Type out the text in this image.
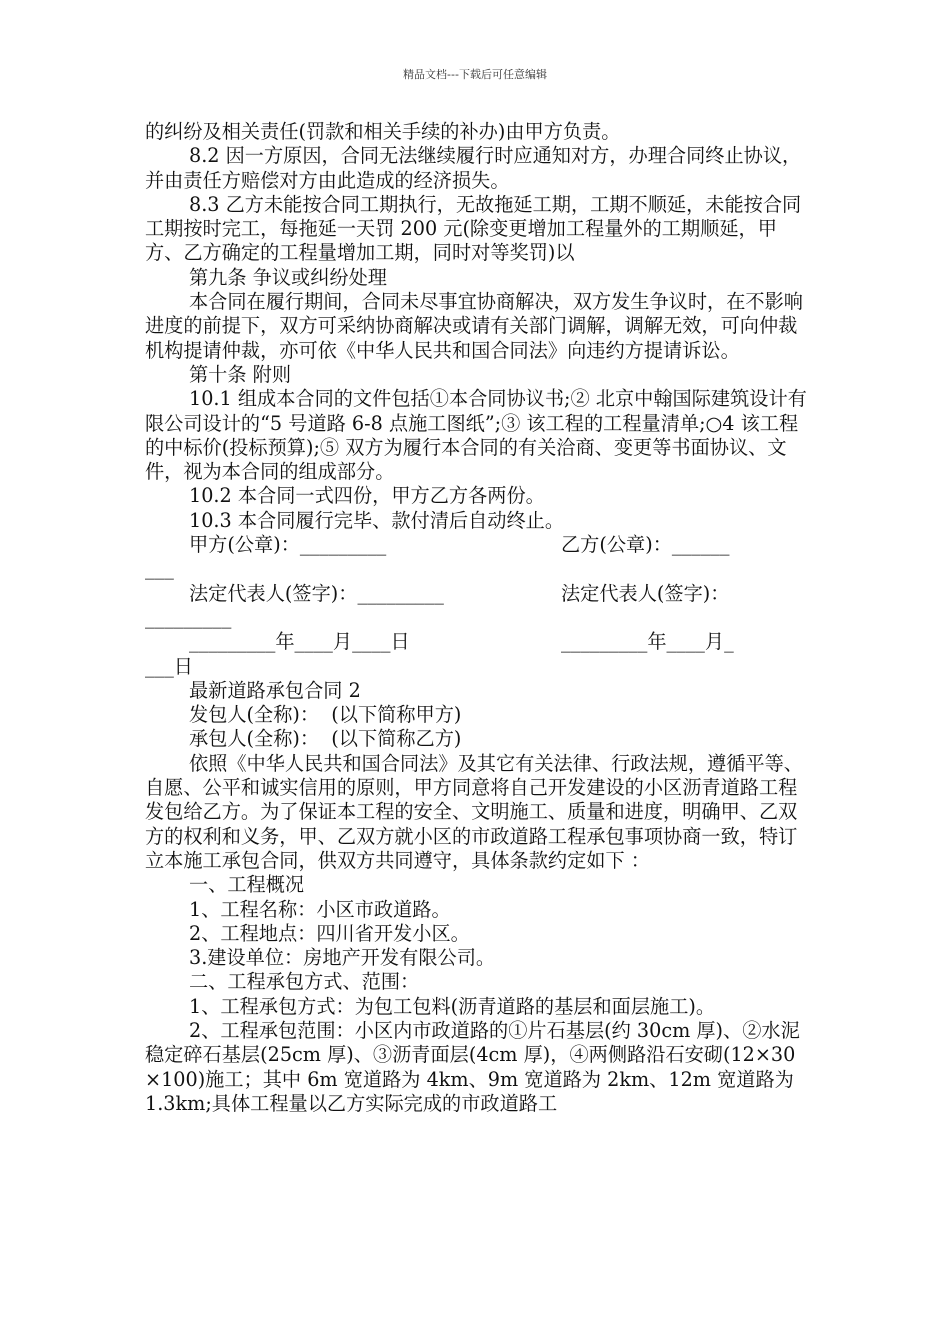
精品文档---下载后可任意编辑

的纠纷及相关责任(罚款和相关手续的补办)由甲方负责。

8.2 因一方原因，合同无法继续履行时应通知对方，办理合同终止协议，并由责任方赔偿对方由此造成的经济损失。

8.3 乙方未能按合同工期执行，无故拖延工期，工期不顺延，未能按合同工期按时完工，每拖延一天罚 200 元(除变更增加工程量外的工期顺延，甲方、乙方确定的工程量增加工期，同时对等奖罚)以

第九条 争议或纠纷处理

本合同在履行期间，合同未尽事宜协商解决，双方发生争议时，在不影响进度的前提下，双方可采纳协商解决或请有关部门调解，调解无效，可向仲裁机构提请仲裁，亦可依《中华人民共和国合同法》向违约方提请诉讼。

第十条 附则

10.1 组成本合同的文件包括①本合同协议书;② 北京中翰国际建筑设计有限公司设计的“5 号道路 6-8 点施工图纸”;③ 该工程的工程量清单;○4 该工程的中标价(投标预算);⑤ 双方为履行本合同的有关洽商、变更等书面协议、文件，视为本合同的组成部分。

10.2 本合同一式四份，甲方乙方各两份。

10.3 本合同履行完毕、款付清后自动终止。

甲方(公章)：_________	乙方(公章)：______

___

法定代表人(签字)：_________	法定代表人(签字)：

_________

_________年____月____日	_________年____月_

___日

最新道路承包合同 2

发包人(全称)：  (以下简称甲方)

承包人(全称)：  (以下简称乙方)

依照《中华人民共和国合同法》及其它有关法律、行政法规，遵循平等、自愿、公平和诚实信用的原则，甲方同意将自己开发建设的小区沥青道路工程发包给乙方。为了保证本工程的安全、文明施工、质量和进度，明确甲、乙双方的权利和义务，甲、乙双方就小区的市政道路工程承包事项协商一致，特订立本施工承包合同，供双方共同遵守，具体条款约定如下 ：

一、工程概况

1、工程名称：小区市政道路。

2、工程地点：四川省开发小区。

3.建设单位：房地产开发有限公司。

二、工程承包方式、范围：

1、工程承包方式：为包工包料(沥青道路的基层和面层施工)。

2、工程承包范围：小区内市政道路的①片石基层(约 30cm 厚)、②水泥稳定碎石基层(25cm 厚)、③沥青面层(4cm 厚)，④两侧路沿石安砌(12×30×100)施工；其中 6m 宽道路为 4km、9m 宽道路为 2km、12m 宽道路为 1.3km;具体工程量以乙方实际完成的市政道路工
